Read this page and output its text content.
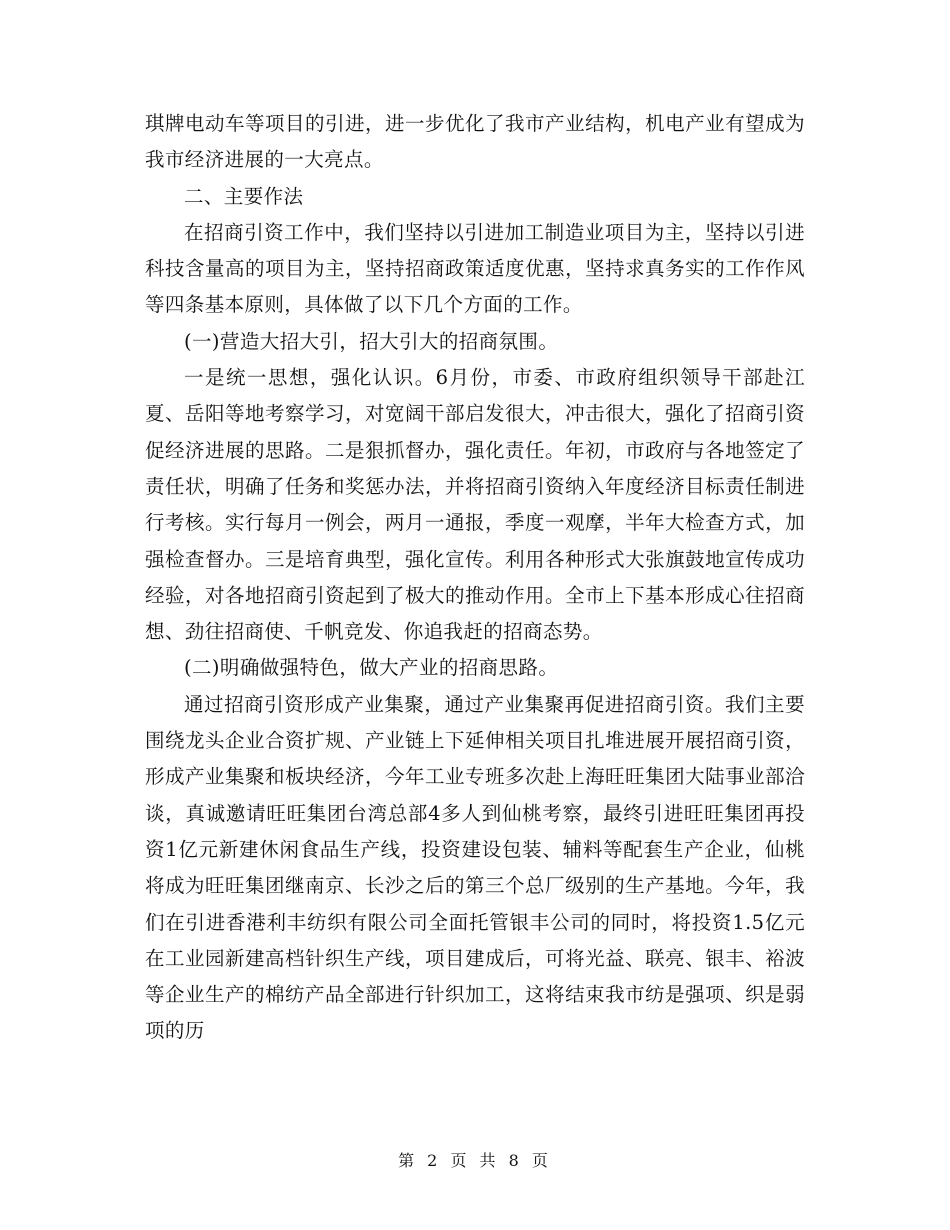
琪牌电动车等项目的引进，进一步优化了我市产业结构，机电产业有望成为我市经济进展的一大亮点。

二、主要作法

在招商引资工作中，我们坚持以引进加工制造业项目为主，坚持以引进科技含量高的项目为主，坚持招商政策适度优惠，坚持求真务实的工作作风等四条基本原则，具体做了以下几个方面的工作。

(一)营造大招大引，招大引大的招商氛围。

一是统一思想，强化认识。6月份，市委、市政府组织领导干部赴江夏、岳阳等地考察学习，对宽阔干部启发很大，冲击很大，强化了招商引资促经济进展的思路。二是狠抓督办，强化责任。年初，市政府与各地签定了责任状，明确了任务和奖惩办法，并将招商引资纳入年度经济目标责任制进行考核。实行每月一例会，两月一通报，季度一观摩，半年大检查方式，加强检查督办。三是培育典型，强化宣传。利用各种形式大张旗鼓地宣传成功经验，对各地招商引资起到了极大的推动作用。全市上下基本形成心往招商想、劲往招商使、千帆竞发、你追我赶的招商态势。

(二)明确做强特色，做大产业的招商思路。

通过招商引资形成产业集聚，通过产业集聚再促进招商引资。我们主要围绕龙头企业合资扩规、产业链上下延伸相关项目扎堆进展开展招商引资，形成产业集聚和板块经济，今年工业专班多次赴上海旺旺集团大陆事业部洽谈，真诚邀请旺旺集团台湾总部4多人到仙桃考察，最终引进旺旺集团再投资1亿元新建休闲食品生产线，投资建设包装、辅料等配套生产企业，仙桃将成为旺旺集团继南京、长沙之后的第三个总厂级别的生产基地。今年，我们在引进香港利丰纺织有限公司全面托管银丰公司的同时，将投资1.5亿元在工业园新建高档针织生产线，项目建成后，可将光益、联亮、银丰、裕波等企业生产的棉纺产品全部进行针织加工，这将结束我市纺是强项、织是弱项的历

第 2 页 共 8 页
